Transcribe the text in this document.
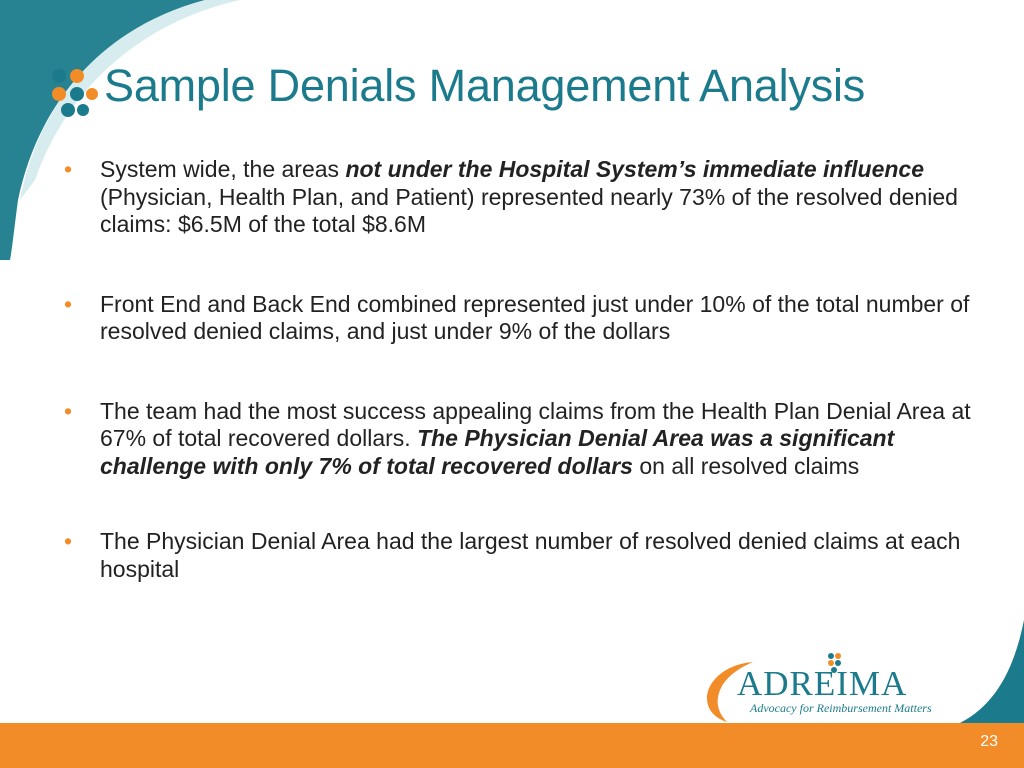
Sample Denials Management Analysis
• System wide, the areas not under the Hospital System’s immediate influence (Physician, Health Plan, and Patient) represented nearly 73% of the resolved denied claims: $6.5M of the total $8.6M
• Front End and Back End combined represented just under 10% of the total number of resolved denied claims, and just under 9% of the dollars
• The team had the most success appealing claims from the Health Plan Denial Area at 67% of total recovered dollars. The Physician Denial Area was a significant challenge with only 7% of total recovered dollars on all resolved claims
• The Physician Denial Area had the largest number of resolved denied claims at each hospital
ADREIMA
Advocacy for Reimbursement Matters
23
